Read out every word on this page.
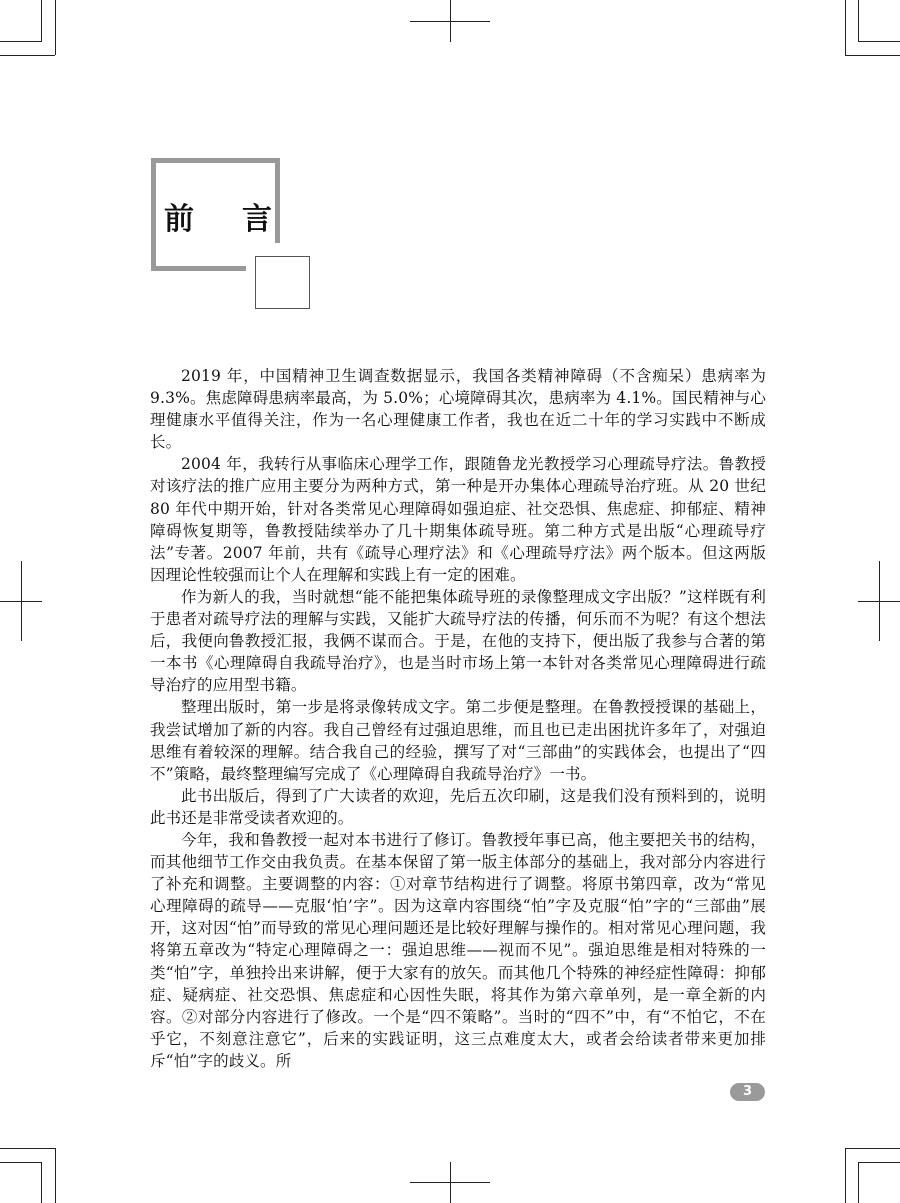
前 言

2019 年，中国精神卫生调查数据显示，我国各类精神障碍（不含痴呆）患病率为 9.3%。焦虑障碍患病率最高，为 5.0%；心境障碍其次，患病率为 4.1%。国民精神与心理健康水平值得关注，作为一名心理健康工作者，我也在近二十年的学习实践中不断成长。

2004 年，我转行从事临床心理学工作，跟随鲁龙光教授学习心理疏导疗法。鲁教授对该疗法的推广应用主要分为两种方式，第一种是开办集体心理疏导治疗班。从 20 世纪 80 年代中期开始，针对各类常见心理障碍如强迫症、社交恐惧、焦虑症、抑郁症、精神障碍恢复期等，鲁教授陆续举办了几十期集体疏导班。第二种方式是出版“心理疏导疗法”专著。2007 年前，共有《疏导心理疗法》和《心理疏导疗法》两个版本。但这两版因理论性较强而让个人在理解和实践上有一定的困难。

作为新人的我，当时就想“能不能把集体疏导班的录像整理成文字出版？”这样既有利于患者对疏导疗法的理解与实践，又能扩大疏导疗法的传播，何乐而不为呢？有这个想法后，我便向鲁教授汇报，我俩不谋而合。于是，在他的支持下，便出版了我参与合著的第一本书《心理障碍自我疏导治疗》，也是当时市场上第一本针对各类常见心理障碍进行疏导治疗的应用型书籍。

整理出版时，第一步是将录像转成文字。第二步便是整理。在鲁教授授课的基础上，我尝试增加了新的内容。我自己曾经有过强迫思维，而且也已走出困扰许多年了，对强迫思维有着较深的理解。结合我自己的经验，撰写了对“三部曲”的实践体会，也提出了“四不”策略，最终整理编写完成了《心理障碍自我疏导治疗》一书。

此书出版后，得到了广大读者的欢迎，先后五次印刷，这是我们没有预料到的，说明此书还是非常受读者欢迎的。

今年，我和鲁教授一起对本书进行了修订。鲁教授年事已高，他主要把关书的结构，而其他细节工作交由我负责。在基本保留了第一版主体部分的基础上，我对部分内容进行了补充和调整。主要调整的内容：①对章节结构进行了调整。将原书第四章，改为“常见心理障碍的疏导——克服‘怕’字”。因为这章内容围绕“怕”字及克服“怕”字的“三部曲”展开，这对因“怕”而导致的常见心理问题还是比较好理解与操作的。相对常见心理问题，我将第五章改为“特定心理障碍之一：强迫思维——视而不见”。强迫思维是相对特殊的一类“怕”字，单独拎出来讲解，便于大家有的放矢。而其他几个特殊的神经症性障碍：抑郁症、疑病症、社交恐惧、焦虑症和心因性失眠，将其作为第六章单列，是一章全新的内容。②对部分内容进行了修改。一个是“四不策略”。当时的“四不”中，有“不怕它，不在乎它，不刻意注意它”，后来的实践证明，这三点难度太大，或者会给读者带来更加排斥“怕”字的歧义。所

3
